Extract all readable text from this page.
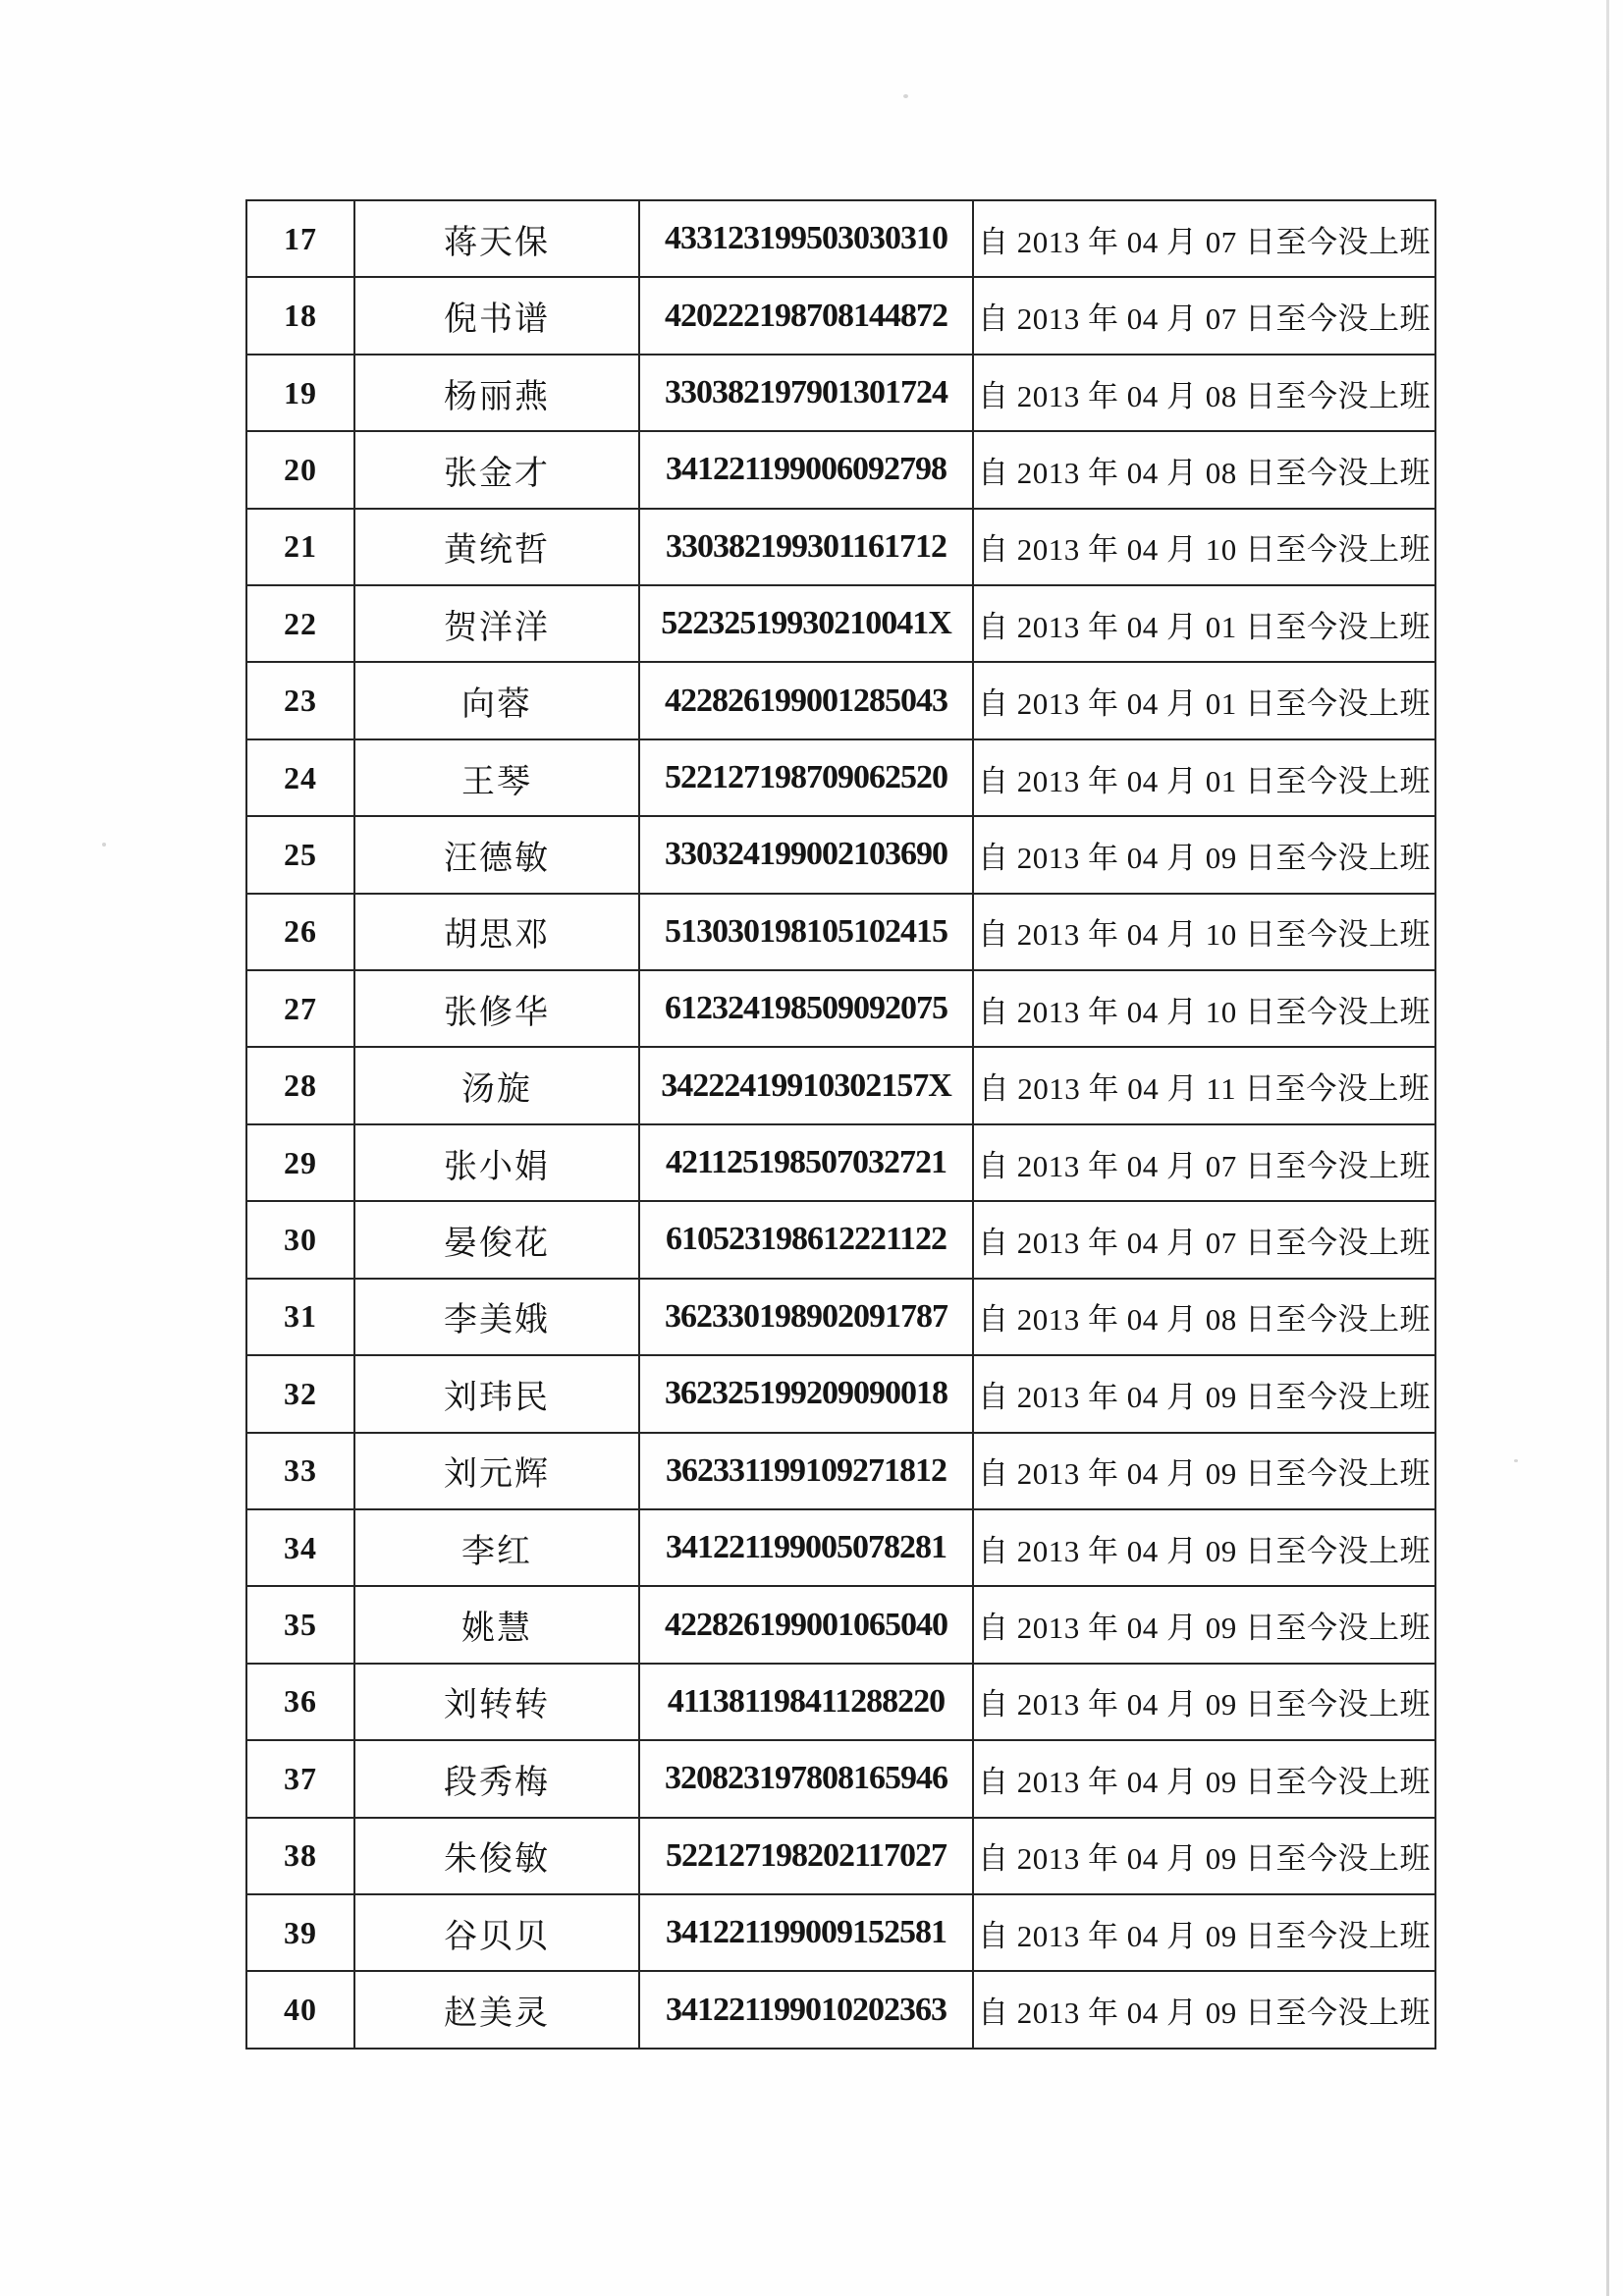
17	蒋天保	433123199503030310	自 2013 年 04 月 07 日至今没上班
18	倪书谱	420222198708144872	自 2013 年 04 月 07 日至今没上班
19	杨丽燕	330382197901301724	自 2013 年 04 月 08 日至今没上班
20	张金才	341221199006092798	自 2013 年 04 月 08 日至今没上班
21	黄统哲	330382199301161712	自 2013 年 04 月 10 日至今没上班
22	贺洋洋	52232519930210041X	自 2013 年 04 月 01 日至今没上班
23	向蓉	422826199001285043	自 2013 年 04 月 01 日至今没上班
24	王琴	522127198709062520	自 2013 年 04 月 01 日至今没上班
25	汪德敏	330324199002103690	自 2013 年 04 月 09 日至今没上班
26	胡思邓	513030198105102415	自 2013 年 04 月 10 日至今没上班
27	张修华	612324198509092075	自 2013 年 04 月 10 日至今没上班
28	汤旋	34222419910302157X	自 2013 年 04 月 11 日至今没上班
29	张小娟	421125198507032721	自 2013 年 04 月 07 日至今没上班
30	晏俊花	610523198612221122	自 2013 年 04 月 07 日至今没上班
31	李美娥	362330198902091787	自 2013 年 04 月 08 日至今没上班
32	刘玮民	362325199209090018	自 2013 年 04 月 09 日至今没上班
33	刘元辉	362331199109271812	自 2013 年 04 月 09 日至今没上班
34	李红	341221199005078281	自 2013 年 04 月 09 日至今没上班
35	姚慧	422826199001065040	自 2013 年 04 月 09 日至今没上班
36	刘转转	411381198411288220	自 2013 年 04 月 09 日至今没上班
37	段秀梅	320823197808165946	自 2013 年 04 月 09 日至今没上班
38	朱俊敏	522127198202117027	自 2013 年 04 月 09 日至今没上班
39	谷贝贝	341221199009152581	自 2013 年 04 月 09 日至今没上班
40	赵美灵	341221199010202363	自 2013 年 04 月 09 日至今没上班
